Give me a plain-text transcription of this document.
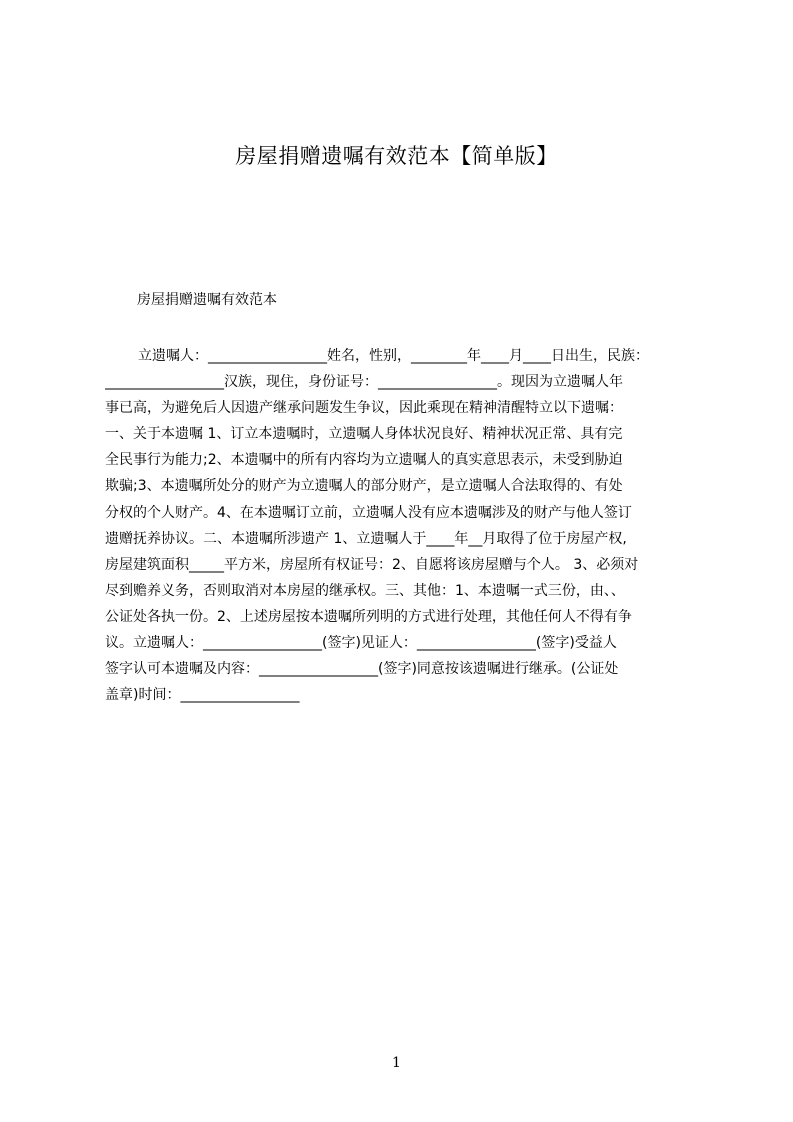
房屋捐赠遗嘱有效范本【简单版】

房屋捐赠遗嘱有效范本

立遗嘱人：_________________姓名，性别，________年____月____日出生，民族：
_________________汉族，现住，身份证号：_________________。现因为立遗嘱人年
事已高，为避免后人因遗产继承问题发生争议，因此乘现在精神清醒特立以下遗嘱：
一、关于本遗嘱 1、订立本遗嘱时，立遗嘱人身体状况良好、精神状况正常、具有完
全民事行为能力;2、本遗嘱中的所有内容均为立遗嘱人的真实意思表示，未受到胁迫
欺骗;3、本遗嘱所处分的财产为立遗嘱人的部分财产，是立遗嘱人合法取得的、有处
分权的个人财产。4、在本遗嘱订立前，立遗嘱人没有应本遗嘱涉及的财产与他人签订
遗赠抚养协议。二、本遗嘱所涉遗产 1、立遗嘱人于____年__月取得了位于房屋产权,
房屋建筑面积_____平方米，房屋所有权证号：2、自愿将该房屋赠与个人。 3、必须对
尽到赡养义务，否则取消对本房屋的继承权。三、其他：1、本遗嘱一式三份，由、、
公证处各执一份。2、上述房屋按本遗嘱所列明的方式进行处理，其他任何人不得有争
议。立遗嘱人：_________________(签字)见证人：_________________(签字)受益人
签字认可本遗嘱及内容：_________________(签字)同意按该遗嘱进行继承。(公证处
盖章)时间：_________________

1
